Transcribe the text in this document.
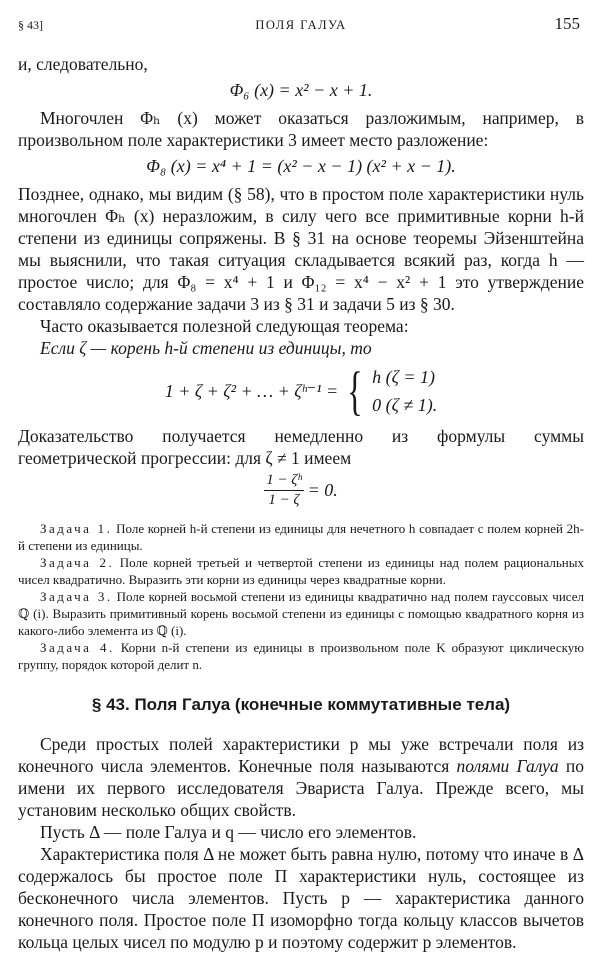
§ 43]	ПОЛЯ ГАЛУА	155

и, следовательно,

Φ₆ (x) = x² − x + 1.

Многочлен Φₕ (x) может оказаться разложимым, например, в произвольном поле характеристики 3 имеет место разложение:

Φ₈ (x) = x⁴ + 1 = (x² − x − 1) (x² + x − 1).

Позднее, однако, мы видим (§ 58), что в простом поле характеристики нуль многочлен Φₕ (x) неразложим, в силу чего все примитивные корни h-й степени из единицы сопряжены. В § 31 на основе теоремы Эйзенштейна мы выяснили, что такая ситуация складывается всякий раз, когда h — простое число; для Φ₈ = x⁴ + 1 и Φ₁₂ = x⁴ − x² + 1 это утверждение составляло содержание задачи 3 из § 31 и задачи 5 из § 30.

Часто оказывается полезной следующая теорема:

Если ζ — корень h-й степени из единицы, то

1 + ζ + ζ² + … + ζʰ⁻¹ = { h (ζ = 1)
0 (ζ ≠ 1).

Доказательство получается немедленно из формулы суммы геометрической прогрессии: для ζ ≠ 1 имеем

$\frac{\text{1 − ζʰ}}{1 - \zeta} = 0$.

Задача 1. Поле корней h-й степени из единицы для нечетного h совпадает с полем корней 2h-й степени из единицы.

Задача 2. Поле корней третьей и четвертой степени из единицы над полем рациональных чисел квадратично. Выразить эти корни из единицы через квадратные корни.

Задача 3. Поле корней восьмой степени из единицы квадратично над полем гауссовых чисел ℚ (i). Выразить примитивный корень восьмой степени из единицы с помощью квадратного корня из какого-либо элемента из ℚ (i).

Задача 4. Корни n-й степени из единицы в произвольном поле K образуют циклическую группу, порядок которой делит n.

§ 43. Поля Галуа (конечные коммутативные тела)

Среди простых полей характеристики p мы уже встречали поля из конечного числа элементов. Конечные поля называются полями Галуа по имени их первого исследователя Эвариста Галуа. Прежде всего, мы установим несколько общих свойств.

Пусть Δ — поле Галуа и q — число его элементов.

Характеристика поля Δ не может быть равна нулю, потому что иначе в Δ содержалось бы простое поле Π характеристики нуль, состоящее из бесконечного числа элементов. Пусть p — характеристика данного конечного поля. Простое поле Π изоморфно тогда кольцу классов вычетов кольца целых чисел по модулю p и поэтому содержит p элементов.
